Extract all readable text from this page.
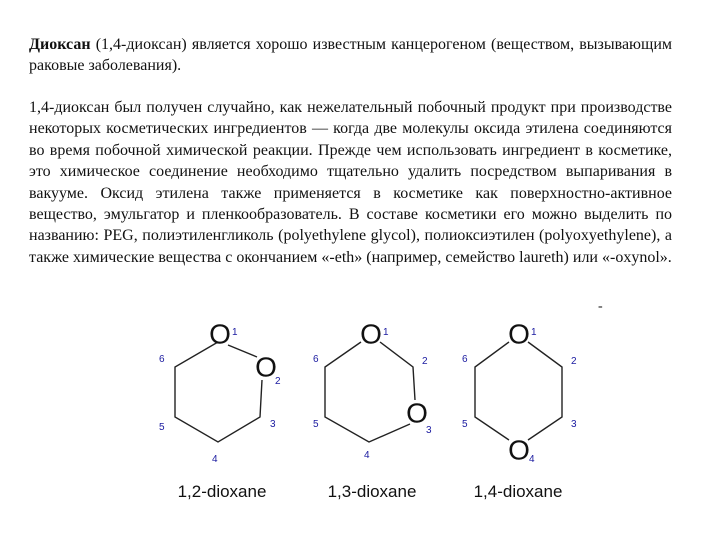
Диоксан (1,4-диоксан) является хорошо известным канцерогеном (веществом, вызывающим раковые заболевания).

1,4-диоксан был получен случайно, как нежелательный побочный продукт при производстве некоторых косметических ингредиентов — когда две молекулы оксида этилена соединяются во время побочной химической реакции. Прежде чем использовать ингредиент в косметике, это химическое соединение необходимо тщательно удалить посредством выпаривания в вакууме. Оксид этилена также применяется в косметике как поверхностно-активное вещество, эмульгатор и пленкообразователь. В составе косметики его можно выделить по названию: PEG, полиэтиленгликоль (polyethylene glycol), полиоксиэтилен (polyoxyethylene), а также химические вещества с окончанием «-eth» (например, семейство laureth) или «-oxynol».

-
O
O
1
2
3
4
5
6
1,2-dioxane
O
O
1
2
3
4
5
6
1,3-dioxane
O
O
1
2
3
4
5
6
1,4-dioxane
